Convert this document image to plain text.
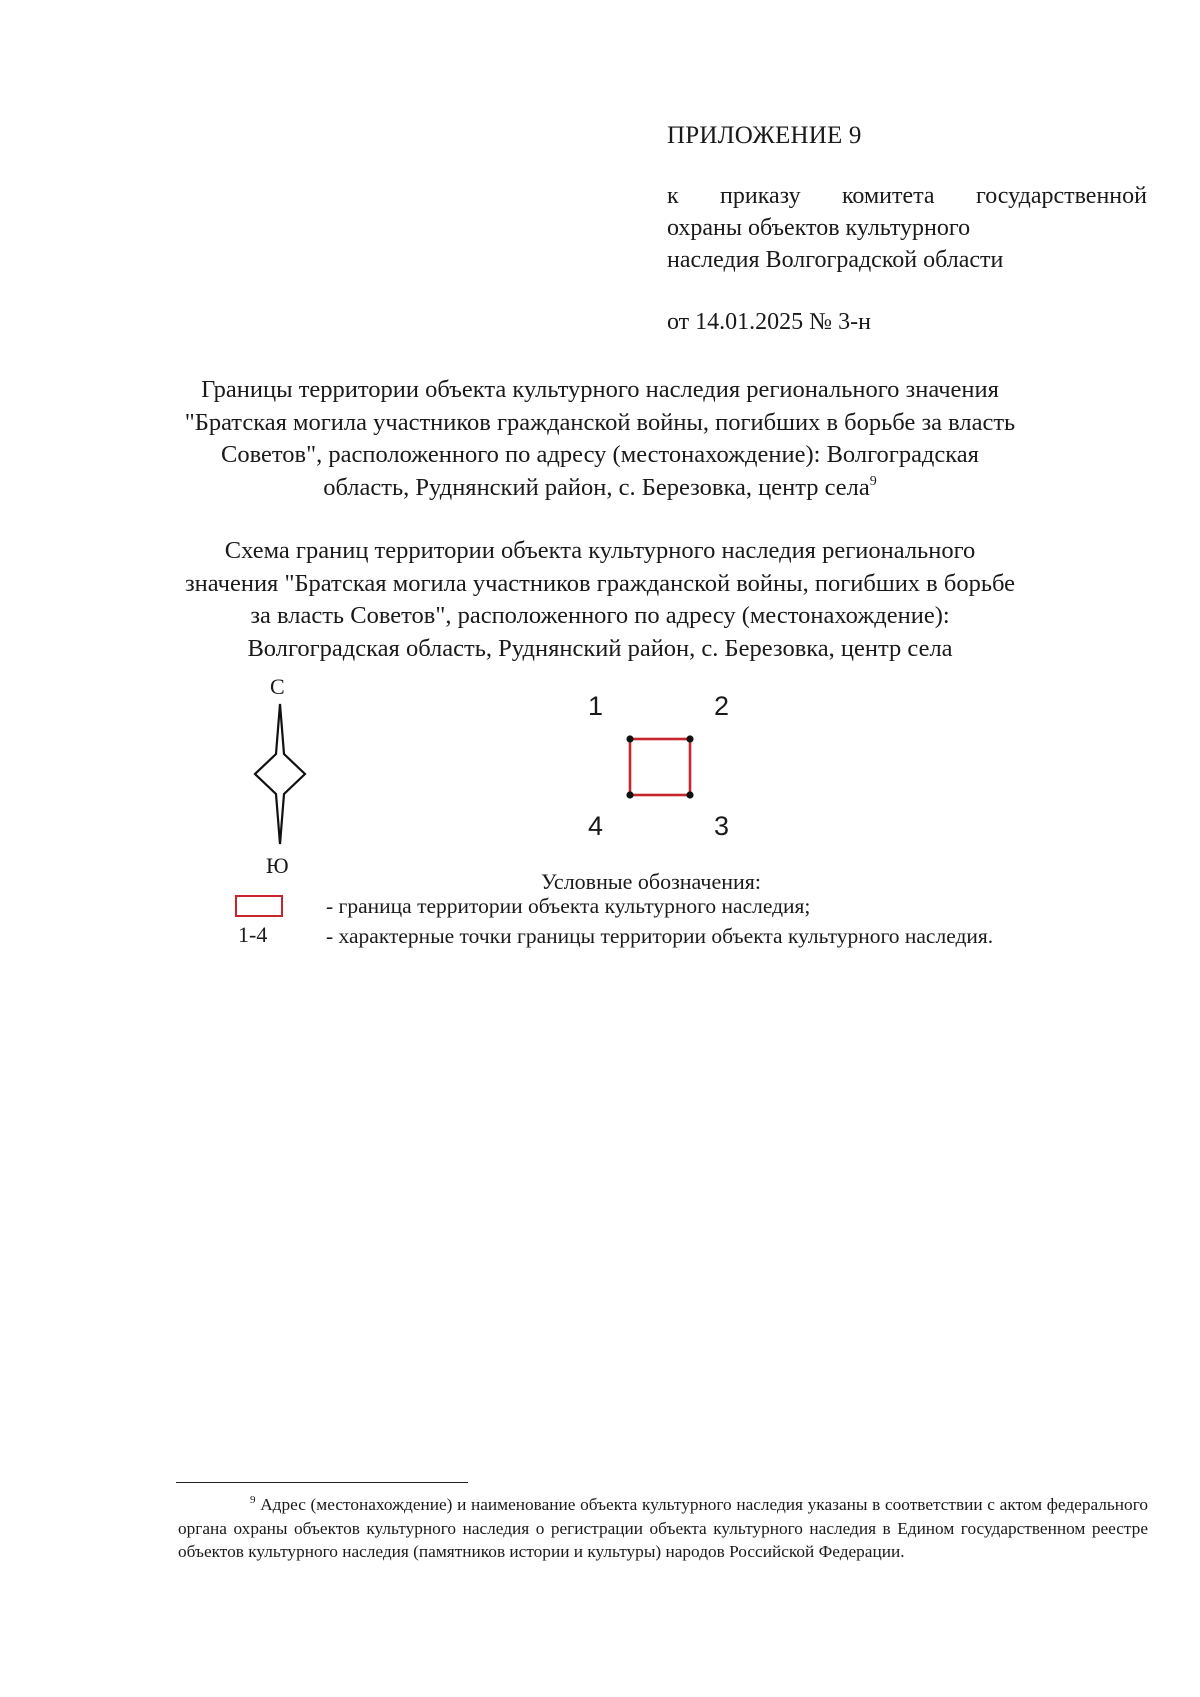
ПРИЛОЖЕНИЕ 9
к приказу комитета государственной
охраны объектов культурного
наследия Волгоградской области
от 14.01.2025 № 3-н
Границы территории объекта культурного наследия регионального значения
"Братская могила участников гражданской войны, погибших в борьбе за власть
Советов", расположенного по адресу (местонахождение): Волгоградская
область, Руднянский район, с. Березовка, центр села$^9$
Схема границ территории объекта культурного наследия регионального
значения "Братская могила участников гражданской войны, погибших в борьбе
за власть Советов", расположенного по адресу (местонахождение):
Волгоградская область, Руднянский район, с. Березовка, центр села
С
Ю
1	2
3
4
Условные обозначения:
- граница территории объекта культурного наследия;
1-4	- характерные точки границы территории объекта культурного наследия.
$^9$ Адрес (местонахождение) и наименование объекта культурного наследия указаны в соответствии с актом федерального органа охраны объектов культурного наследия о регистрации объекта культурного наследия в Едином государственном реестре объектов культурного наследия (памятников истории и культуры) народов Российской Федерации.
